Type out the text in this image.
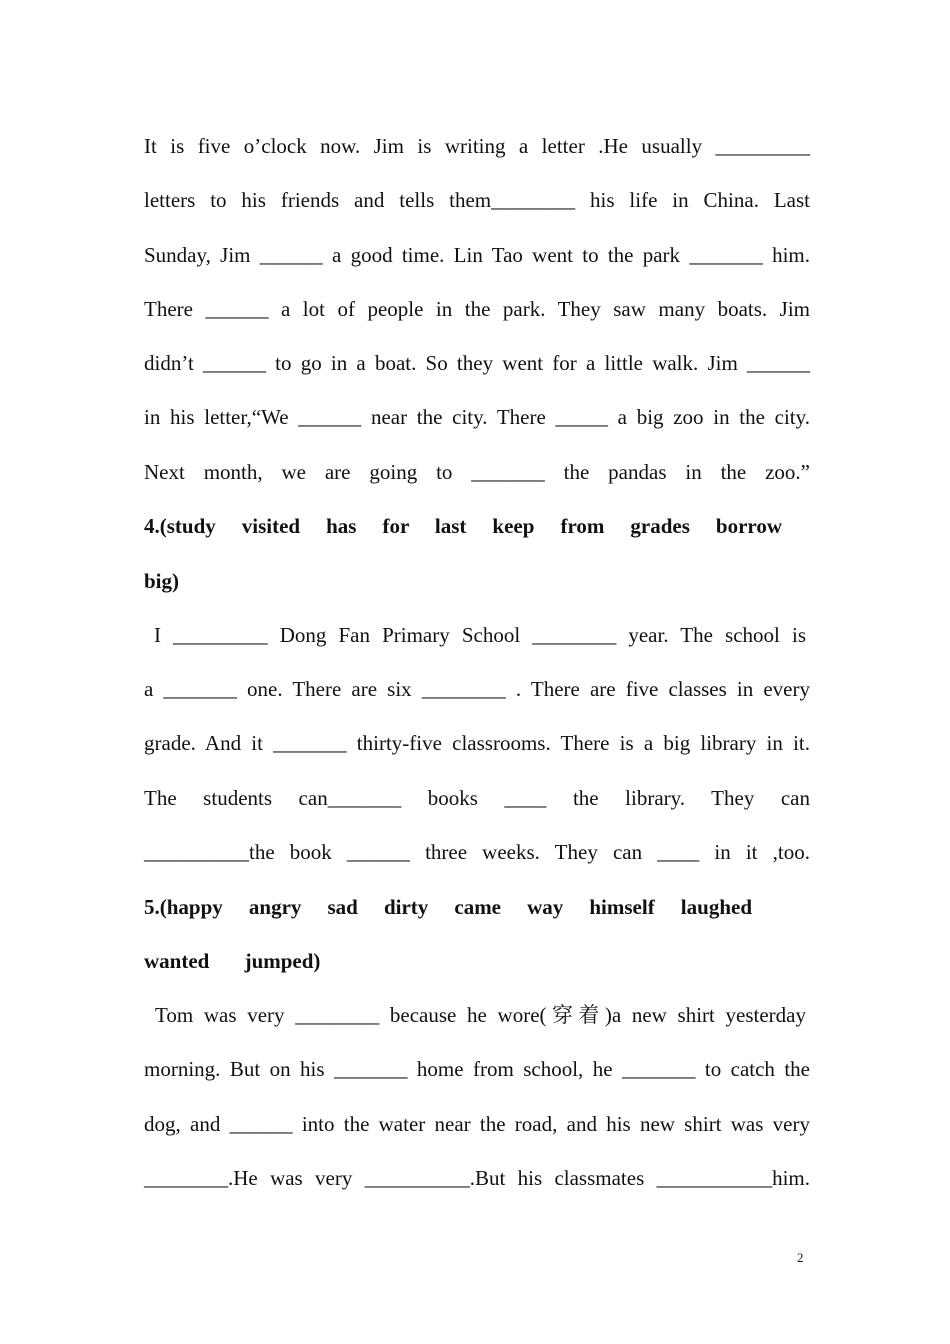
It is five o’clock now. Jim is writing a letter .He usually _________
letters to his friends and tells them________ his life in China. Last
Sunday, Jim ______ a good time. Lin Tao went to the park _______ him.
There ______ a lot of people in the park. They saw many boats. Jim
didn’t ______ to go in a boat. So they went for a little walk. Jim ______
in his letter,“We ______ near the city. There _____ a big zoo in the city.
Next month, we are going to _______ the pandas in the zoo.”
4.(study visited has for last keep from grades borrow
big)
I _________ Dong Fan Primary School ________ year. The school is
a _______ one. There are six ________ . There are five classes in every
grade. And it _______ thirty-five classrooms. There is a big library in it.
The students can_______ books ____ the library. They can
__________the book ______ three weeks. They can ____ in it ,too.
5.(happy angry sad dirty came way himself laughed
wanted jumped)
Tom was very ________ because he wore(穿着)a new shirt yesterday
morning. But on his _______ home from school, he _______ to catch the
dog, and ______ into the water near the road, and his new shirt was very
________.He was very __________.But his classmates ___________him.
2
